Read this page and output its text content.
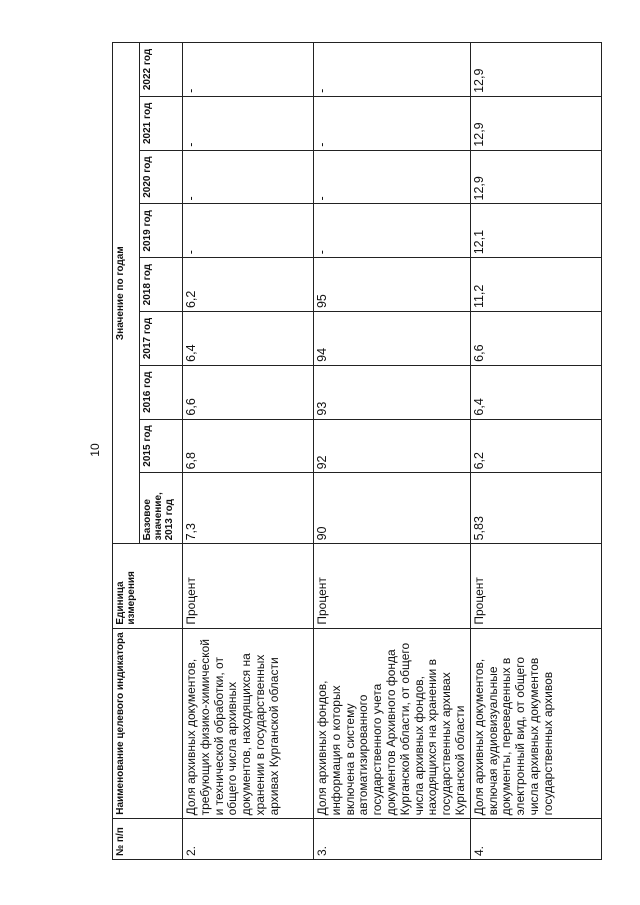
10
№ п/п	Наименование целевого индикатора	Единица измерения	Значение по годам								
			Базовое значение, 2013 год	2015 год	2016 год	2017 год	2018 год	2019 год	2020 год	2021 год	2022 год
2.	Доля архивных документов, требующих физико-химической и технической обработки, от общего числа архивных документов, находящихся на хранении в государственных архивах Курганской области	Процент	7,3	6,8	6,6	6,4	6,2	-	-	-	-
3.	Доля архивных фондов, информация о которых включена в систему автоматизированного государственного учета документов Архивного фонда Курганской области, от общего числа архивных фондов, находящихся на хранении в государственных архивах Курганской области	Процент	90	92	93	94	95	-	-	-	-
4.	Доля архивных документов, включая аудиовизуальные документы, переведенных в электронный вид, от общего числа архивных документов государственных архивов	Процент	5,83	6,2	6,4	6,6	11,2	12,1	12,9	12,9	12,9
